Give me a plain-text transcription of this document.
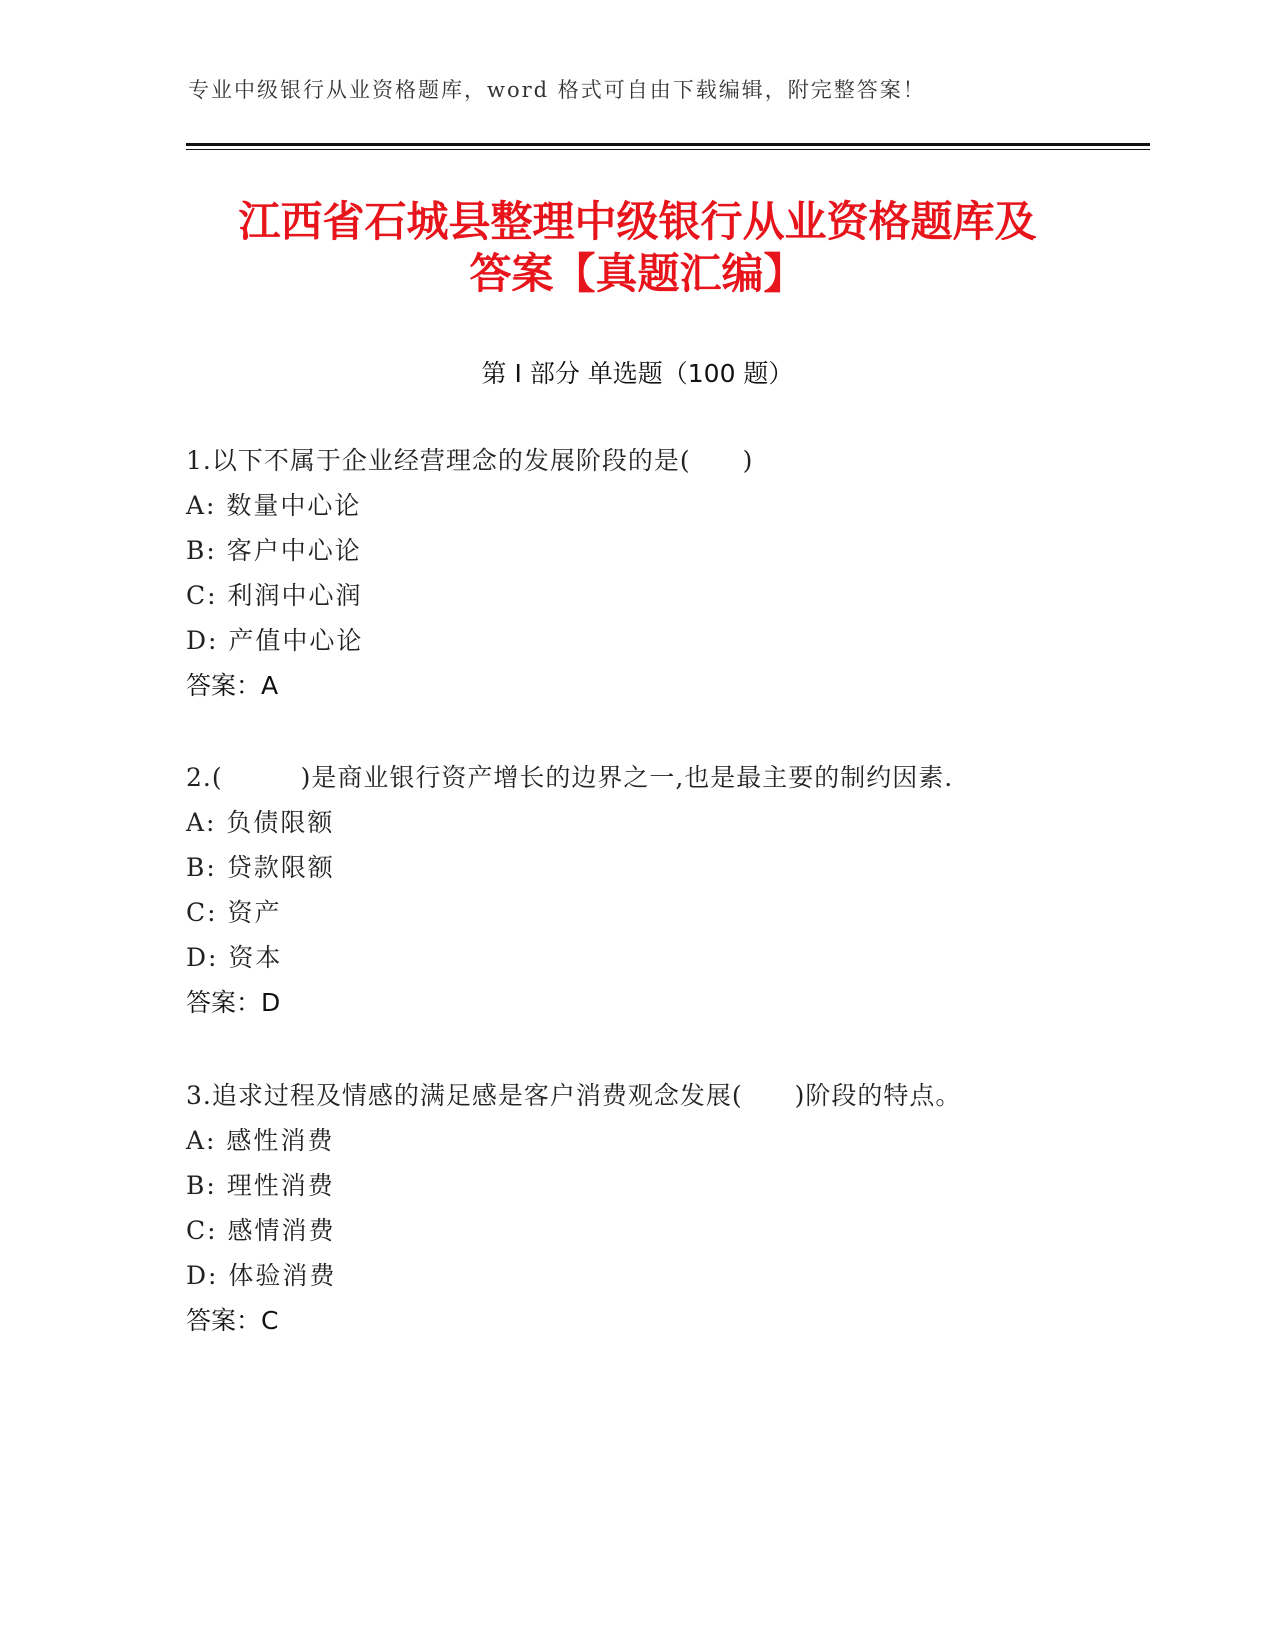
专业中级银行从业资格题库，word 格式可自由下载编辑，附完整答案！
江西省石城县整理中级银行从业资格题库及
答案【真题汇编】
第 I 部分 单选题（100 题）
1.以下不属于企业经营理念的发展阶段的是(　　)
A: 数量中心论
B: 客户中心论
C: 利润中心润
D: 产值中心论
答案：A
2.(　　　)是商业银行资产增长的边界之一,也是最主要的制约因素.
A: 负债限额
B: 贷款限额
C: 资产
D: 资本
答案：D
3.追求过程及情感的满足感是客户消费观念发展(　　)阶段的特点。
A: 感性消费
B: 理性消费
C: 感情消费
D: 体验消费
答案：C
